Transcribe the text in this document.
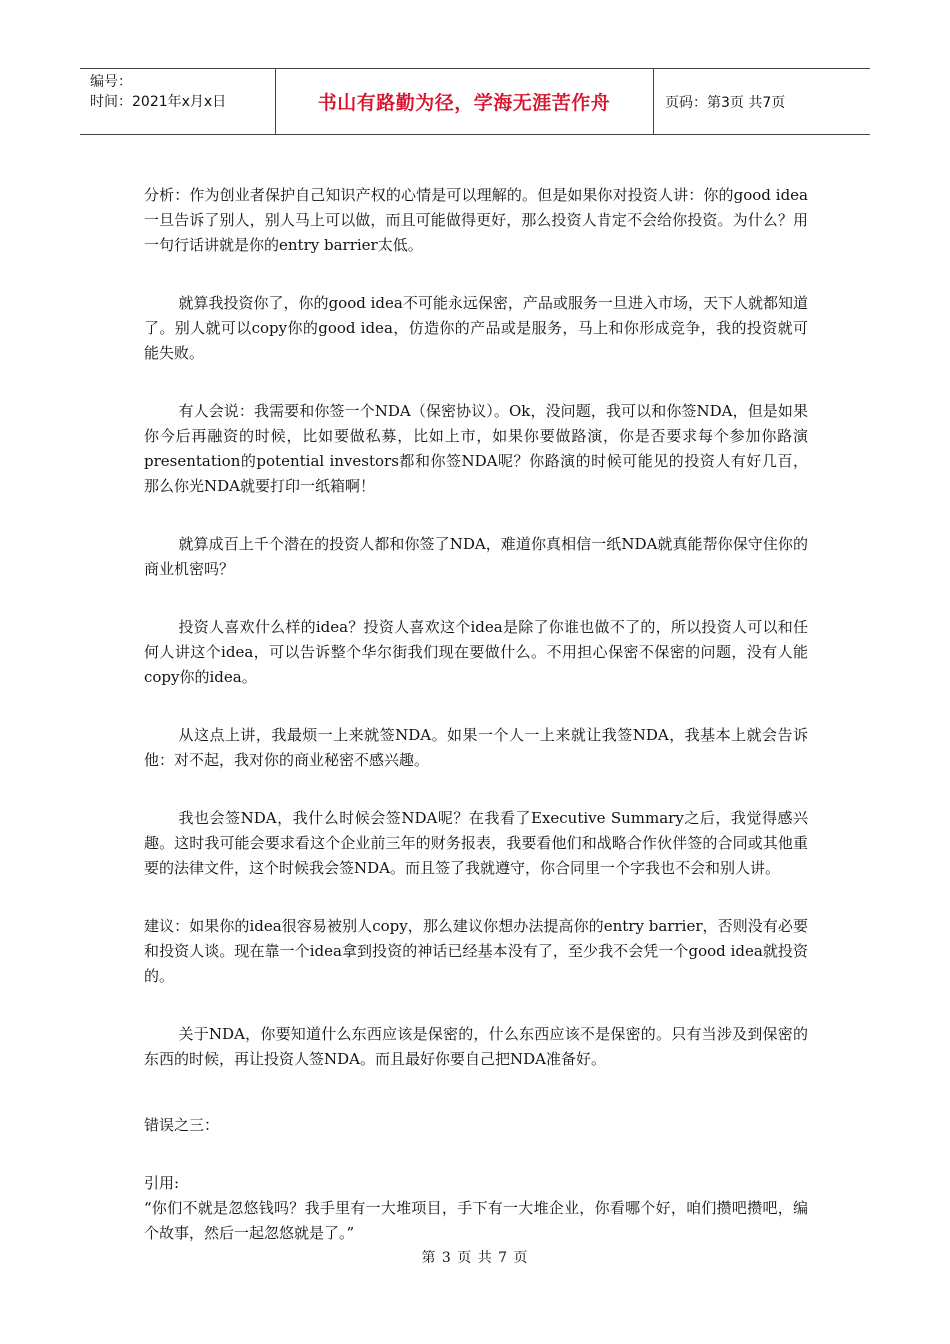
编号：
时间：2021年x月x日	书山有路勤为径，学海无涯苦作舟	页码：第3页 共7页

分析：作为创业者保护自己知识产权的心情是可以理解的。但是如果你对投资人讲：你的good idea一旦告诉了别人，别人马上可以做，而且可能做得更好，那么投资人肯定不会给你投资。为什么？用一句行话讲就是你的entry barrier太低。

就算我投资你了，你的good idea不可能永远保密，产品或服务一旦进入市场，天下人就都知道了。别人就可以copy你的good idea，仿造你的产品或是服务，马上和你形成竞争，我的投资就可能失败。

有人会说：我需要和你签一个NDA（保密协议）。Ok，没问题，我可以和你签NDA，但是如果你今后再融资的时候，比如要做私募，比如上市，如果你要做路演，你是否要求每个参加你路演presentation的potential investors都和你签NDA呢？你路演的时候可能见的投资人有好几百，那么你光NDA就要打印一纸箱啊！

就算成百上千个潜在的投资人都和你签了NDA，难道你真相信一纸NDA就真能帮你保守住你的商业机密吗？

投资人喜欢什么样的idea？投资人喜欢这个idea是除了你谁也做不了的，所以投资人可以和任何人讲这个idea，可以告诉整个华尔街我们现在要做什么。不用担心保密不保密的问题，没有人能copy你的idea。

从这点上讲，我最烦一上来就签NDA。如果一个人一上来就让我签NDA，我基本上就会告诉他：对不起，我对你的商业秘密不感兴趣。

我也会签NDA，我什么时候会签NDA呢？在我看了Executive Summary之后，我觉得感兴趣。这时我可能会要求看这个企业前三年的财务报表，我要看他们和战略合作伙伴签的合同或其他重要的法律文件，这个时候我会签NDA。而且签了我就遵守，你合同里一个字我也不会和别人讲。

建议：如果你的idea很容易被别人copy，那么建议你想办法提高你的entry barrier，否则没有必要和投资人谈。现在靠一个idea拿到投资的神话已经基本没有了，至少我不会凭一个good idea就投资的。

关于NDA，你要知道什么东西应该是保密的，什么东西应该不是保密的。只有当涉及到保密的东西的时候，再让投资人签NDA。而且最好你要自己把NDA准备好。

错误之三：

引用:

“你们不就是忽悠钱吗？我手里有一大堆项目，手下有一大堆企业，你看哪个好，咱们攒吧攒吧，编个故事，然后一起忽悠就是了。”

第 3 页 共 7 页
